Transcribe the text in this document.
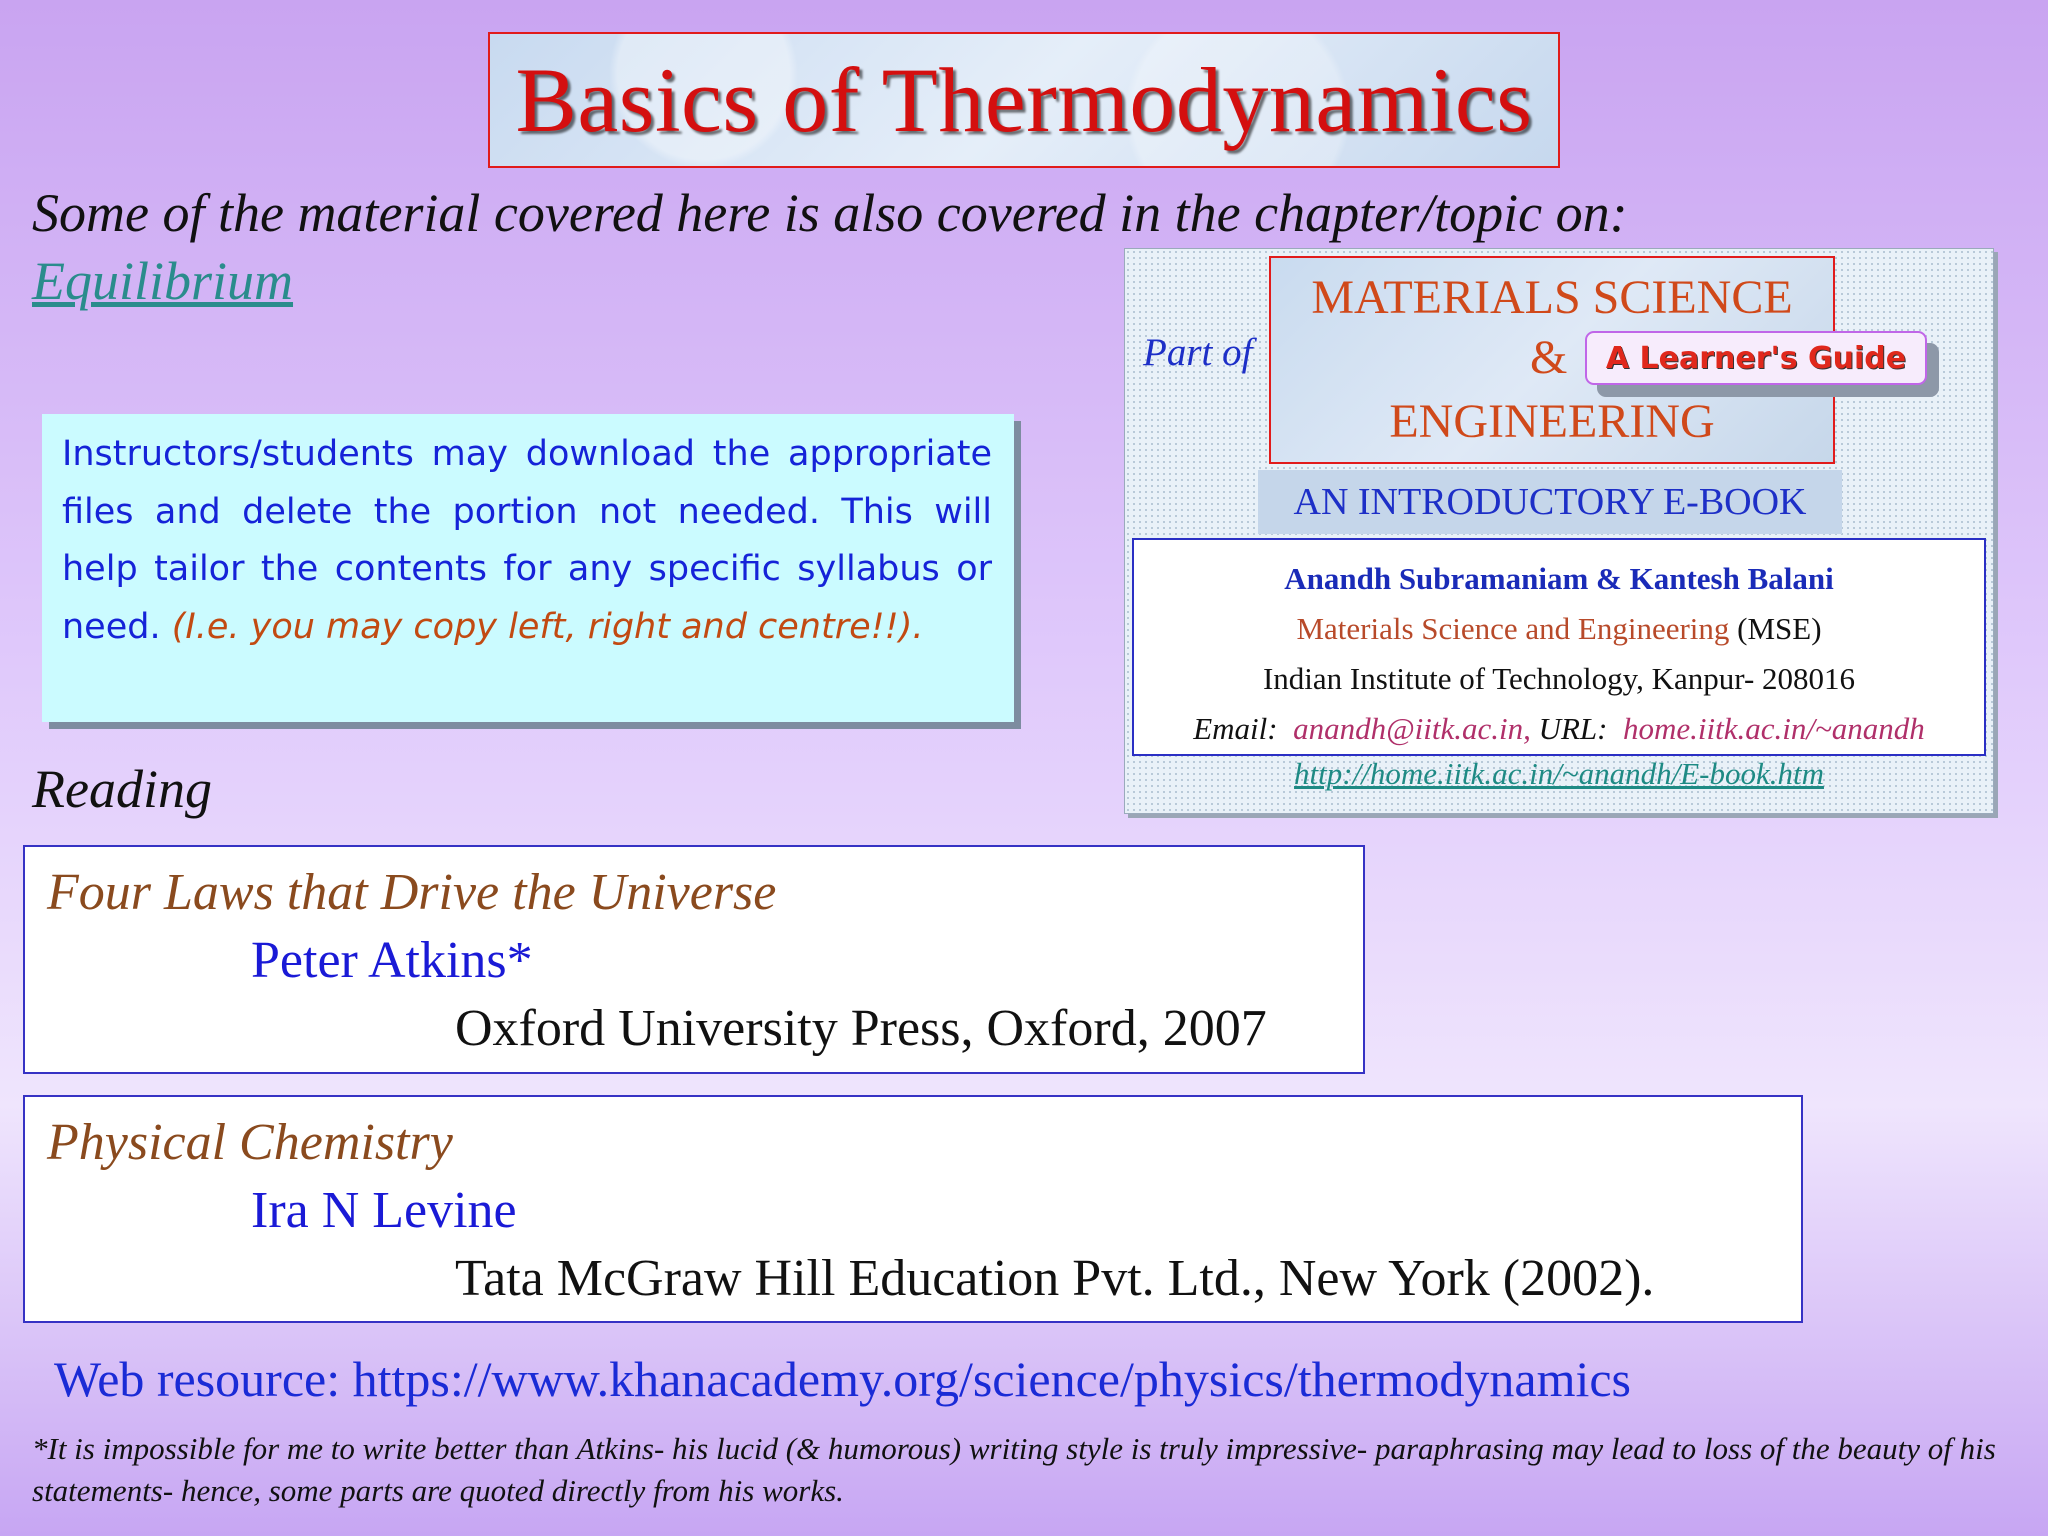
Basics of Thermodynamics
Some of the material covered here is also covered in the chapter/topic on:
Equilibrium
Instructors/students may download the appropriate files and delete the portion not needed. This will help tailor the contents for any specific syllabus or need. (I.e. you may copy left, right and centre!!).
Part of
MATERIALS SCIENCE
&
ENGINEERING
A Learner's Guide
AN INTRODUCTORY E-BOOK
Anandh Subramaniam & Kantesh Balani
Materials Science and Engineering (MSE)
Indian Institute of Technology, Kanpur- 208016
Email: anandh@iitk.ac.in, URL: home.iitk.ac.in/~anandh
http://home.iitk.ac.in/~anandh/E-book.htm
Reading
Four Laws that Drive the Universe
Peter Atkins*
Oxford University Press, Oxford, 2007
Physical Chemistry
Ira N Levine
Tata McGraw Hill Education Pvt. Ltd., New York (2002).
Web resource: https://www.khanacademy.org/science/physics/thermodynamics
*It is impossible for me to write better than Atkins- his lucid (& humorous) writing style is truly impressive- paraphrasing may lead to loss of the beauty of his statements- hence, some parts are quoted directly from his works.
